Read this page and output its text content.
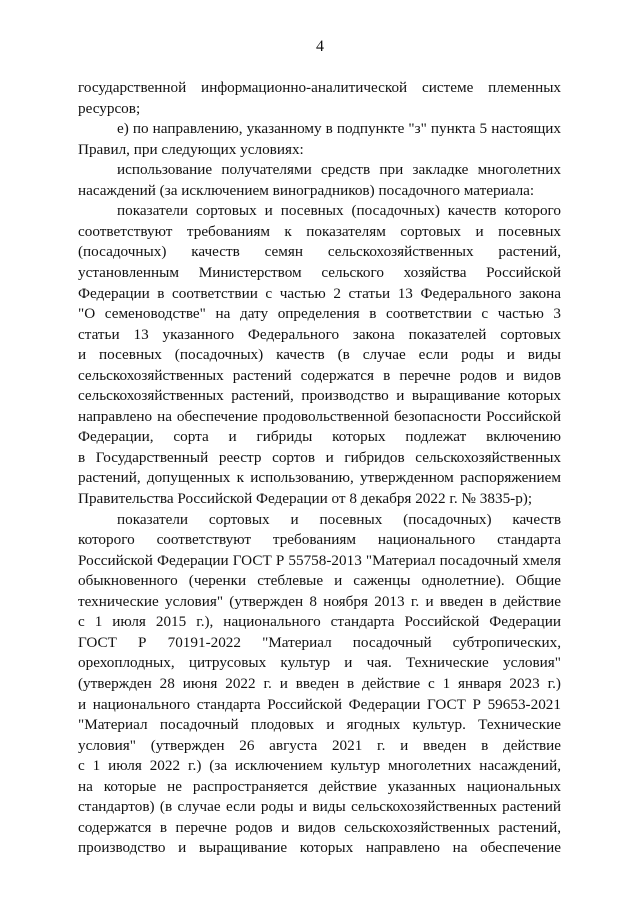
4
государственной информационно-аналитической системе племенных
ресурсов;
е) по направлению, указанному в подпункте "з" пункта 5 настоящих
Правил, при следующих условиях:
использование получателями средств при закладке многолетних
насаждений (за исключением виноградников) посадочного материала:
показатели сортовых и посевных (посадочных) качеств которого
соответствуют требованиям к показателям сортовых и посевных
(посадочных) качеств семян сельскохозяйственных растений,
установленным Министерством сельского хозяйства Российской
Федерации в соответствии с частью 2 статьи 13 Федерального закона
"О семеноводстве" на дату определения в соответствии с частью 3
статьи 13 указанного Федерального закона показателей сортовых
и посевных (посадочных) качеств (в случае если роды и виды
сельскохозяйственных растений содержатся в перечне родов и видов
сельскохозяйственных растений, производство и выращивание которых
направлено на обеспечение продовольственной безопасности Российской
Федерации, сорта и гибриды которых подлежат включению
в Государственный реестр сортов и гибридов сельскохозяйственных
растений, допущенных к использованию, утвержденном распоряжением
Правительства Российской Федерации от 8 декабря 2022 г. № 3835-р);
показатели сортовых и посевных (посадочных) качеств
которого соответствуют требованиям национального стандарта
Российской Федерации ГОСТ Р 55758-2013 "Материал посадочный хмеля
обыкновенного (черенки стеблевые и саженцы однолетние). Общие
технические условия" (утвержден 8 ноября 2013 г. и введен в действие
с 1 июля 2015 г.), национального стандарта Российской Федерации
ГОСТ Р 70191-2022 "Материал посадочный субтропических,
орехоплодных, цитрусовых культур и чая. Технические условия"
(утвержден 28 июня 2022 г. и введен в действие с 1 января 2023 г.)
и национального стандарта Российской Федерации ГОСТ Р 59653-2021
"Материал посадочный плодовых и ягодных культур. Технические
условия" (утвержден 26 августа 2021 г. и введен в действие
с 1 июля 2022 г.) (за исключением культур многолетних насаждений,
на которые не распространяется действие указанных национальных
стандартов) (в случае если роды и виды сельскохозяйственных растений
содержатся в перечне родов и видов сельскохозяйственных растений,
производство и выращивание которых направлено на обеспечение
